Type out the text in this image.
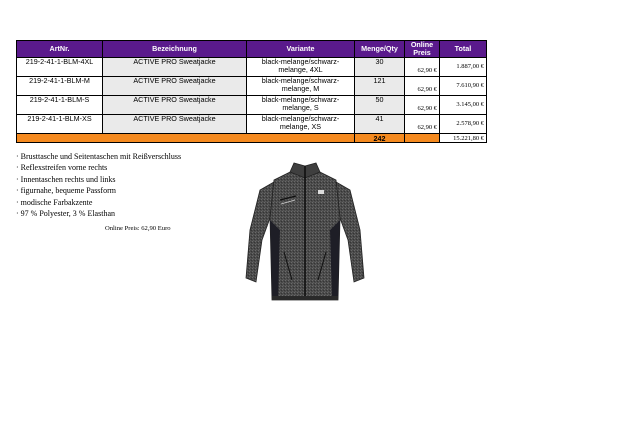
ArtNr.	Bezeichnung	Variante	Menge/Qty	Online Preis	Total
219-2-41-1-BLM-4XL	ACTIVE PRO Sweatjacke	black-melange/schwarz-melange, 4XL	30	62,90 €	1.887,00 €
219-2-41-1-BLM-M	ACTIVE PRO Sweatjacke	black-melange/schwarz-melange, M	121	62,90 €	7.610,90 €
219-2-41-1-BLM-S	ACTIVE PRO Sweatjacke	black-melange/schwarz-melange, S	50	62,90 €	3.145,00 €
219-2-41-1-BLM-XS	ACTIVE PRO Sweatjacke	black-melange/schwarz-melange, XS	41	62,90 €	2.578,90 €
			242		15.221,80 €
· Brusttasche und Seitentaschen mit Reißverschluss
· Reflexstreifen vorne rechts
· Innentaschen rechts und links
· figurnahe, bequeme Passform
· modische Farbakzente
· 97 % Polyester, 3 % Elasthan
Online Preis: 62,90 Euro
